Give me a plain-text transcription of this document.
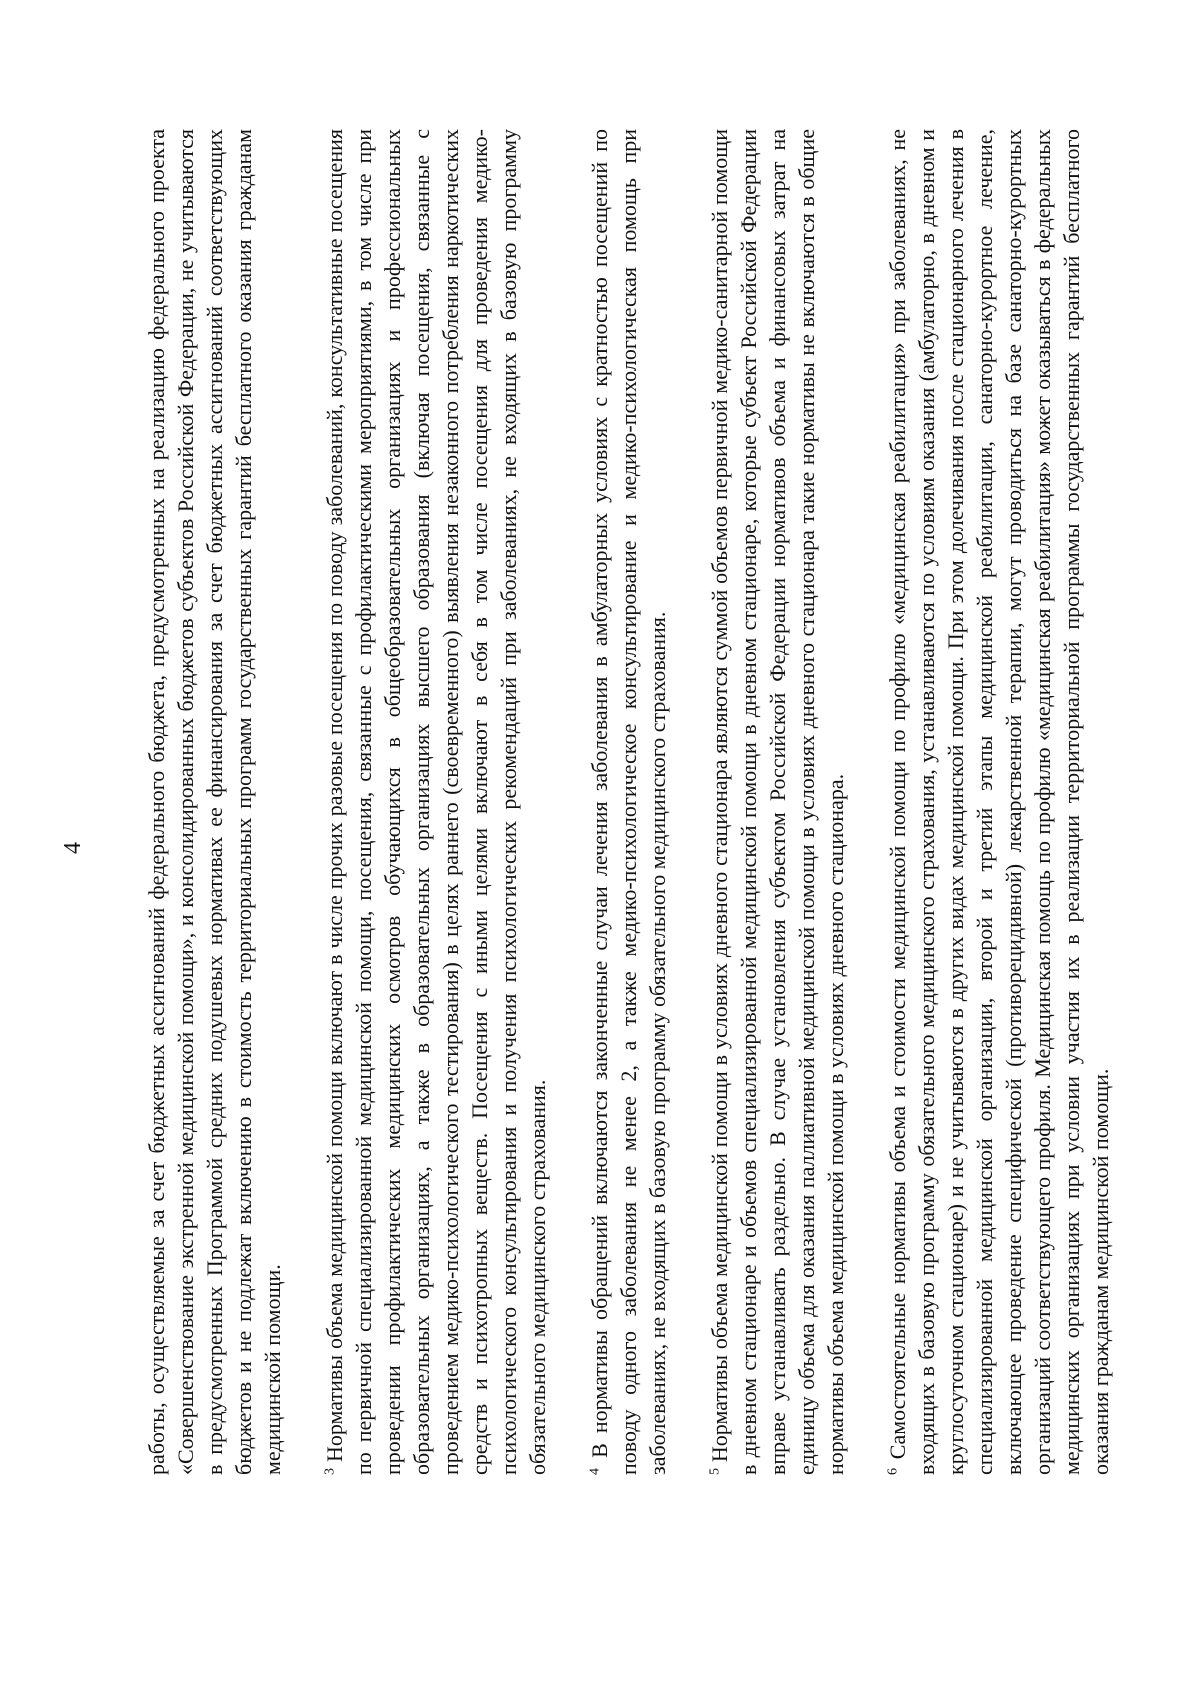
4	работы, осуществляемые за счет бюджетных ассигнований федерального бюджета, предусмотренных на реализацию федерального проекта «Совершенствование экстренной медицинской помощи», и консолидированных бюджетов субъектов Российской Федерации, не учитываются в предусмотренных Программой средних подушевых нормативах ее финансирования за счет бюджетных ассигнований соответствующих бюджетов и не подлежат включению в стоимость территориальных программ государственных гарантий бесплатного оказания гражданам медицинской помощи.	$^3$ Нормативы объема медицинской помощи включают в числе прочих разовые посещения по поводу заболеваний, консультативные посещения по первичной специализированной медицинской помощи, посещения, связанные с профилактическими мероприятиями, в том числе при проведении профилактических медицинских осмотров обучающихся в общеобразовательных организациях и профессиональных образовательных организациях, а также в образовательных организациях высшего образования (включая посещения, связанные с проведением медико-психологического тестирования) в целях раннего (своевременного) выявления незаконного потребления наркотических средств и психотропных веществ. Посещения с иными целями включают в себя в том числе посещения для проведения медико-психологического консультирования и получения психологических рекомендаций при заболеваниях, не входящих в базовую программу обязательного медицинского страхования.	$^4$ В нормативы обращений включаются законченные случаи лечения заболевания в амбулаторных условиях с кратностью посещений по поводу одного заболевания не менее 2, а также медико-психологическое консультирование и медико-психологическая помощь при заболеваниях, не входящих в базовую программу обязательного медицинского страхования.	$^5$ Нормативы объема медицинской помощи в условиях дневного стационара являются суммой объемов первичной медико-санитарной помощи в дневном стационаре и объемов специализированной медицинской помощи в дневном стационаре, которые субъект Российской Федерации вправе устанавливать раздельно. В случае установления субъектом Российской Федерации нормативов объема и финансовых затрат на единицу объема для оказания паллиативной медицинской помощи в условиях дневного стационара такие нормативы не включаются в общие нормативы объема медицинской помощи в условиях дневного стационара.	$^6$ Самостоятельные нормативы объема и стоимости медицинской помощи по профилю «медицинская реабилитация» при заболеваниях, не входящих в базовую программу обязательного медицинского страхования, устанавливаются по условиям оказания (амбулаторно, в дневном и круглосуточном стационаре) и не учитываются в других видах медицинской помощи. При этом долечивания после стационарного лечения в специализированной медицинской организации, второй и третий этапы медицинской реабилитации, санаторно-курортное лечение, включающее проведение специфической (противорецидивной) лекарственной терапии, могут проводиться на базе санаторно-курортных организаций соответствующего профиля. Медицинская помощь по профилю «медицинская реабилитация» может оказываться в федеральных медицинских организациях при условии участия их в реализации территориальной программы государственных гарантий бесплатного оказания гражданам медицинской помощи.
